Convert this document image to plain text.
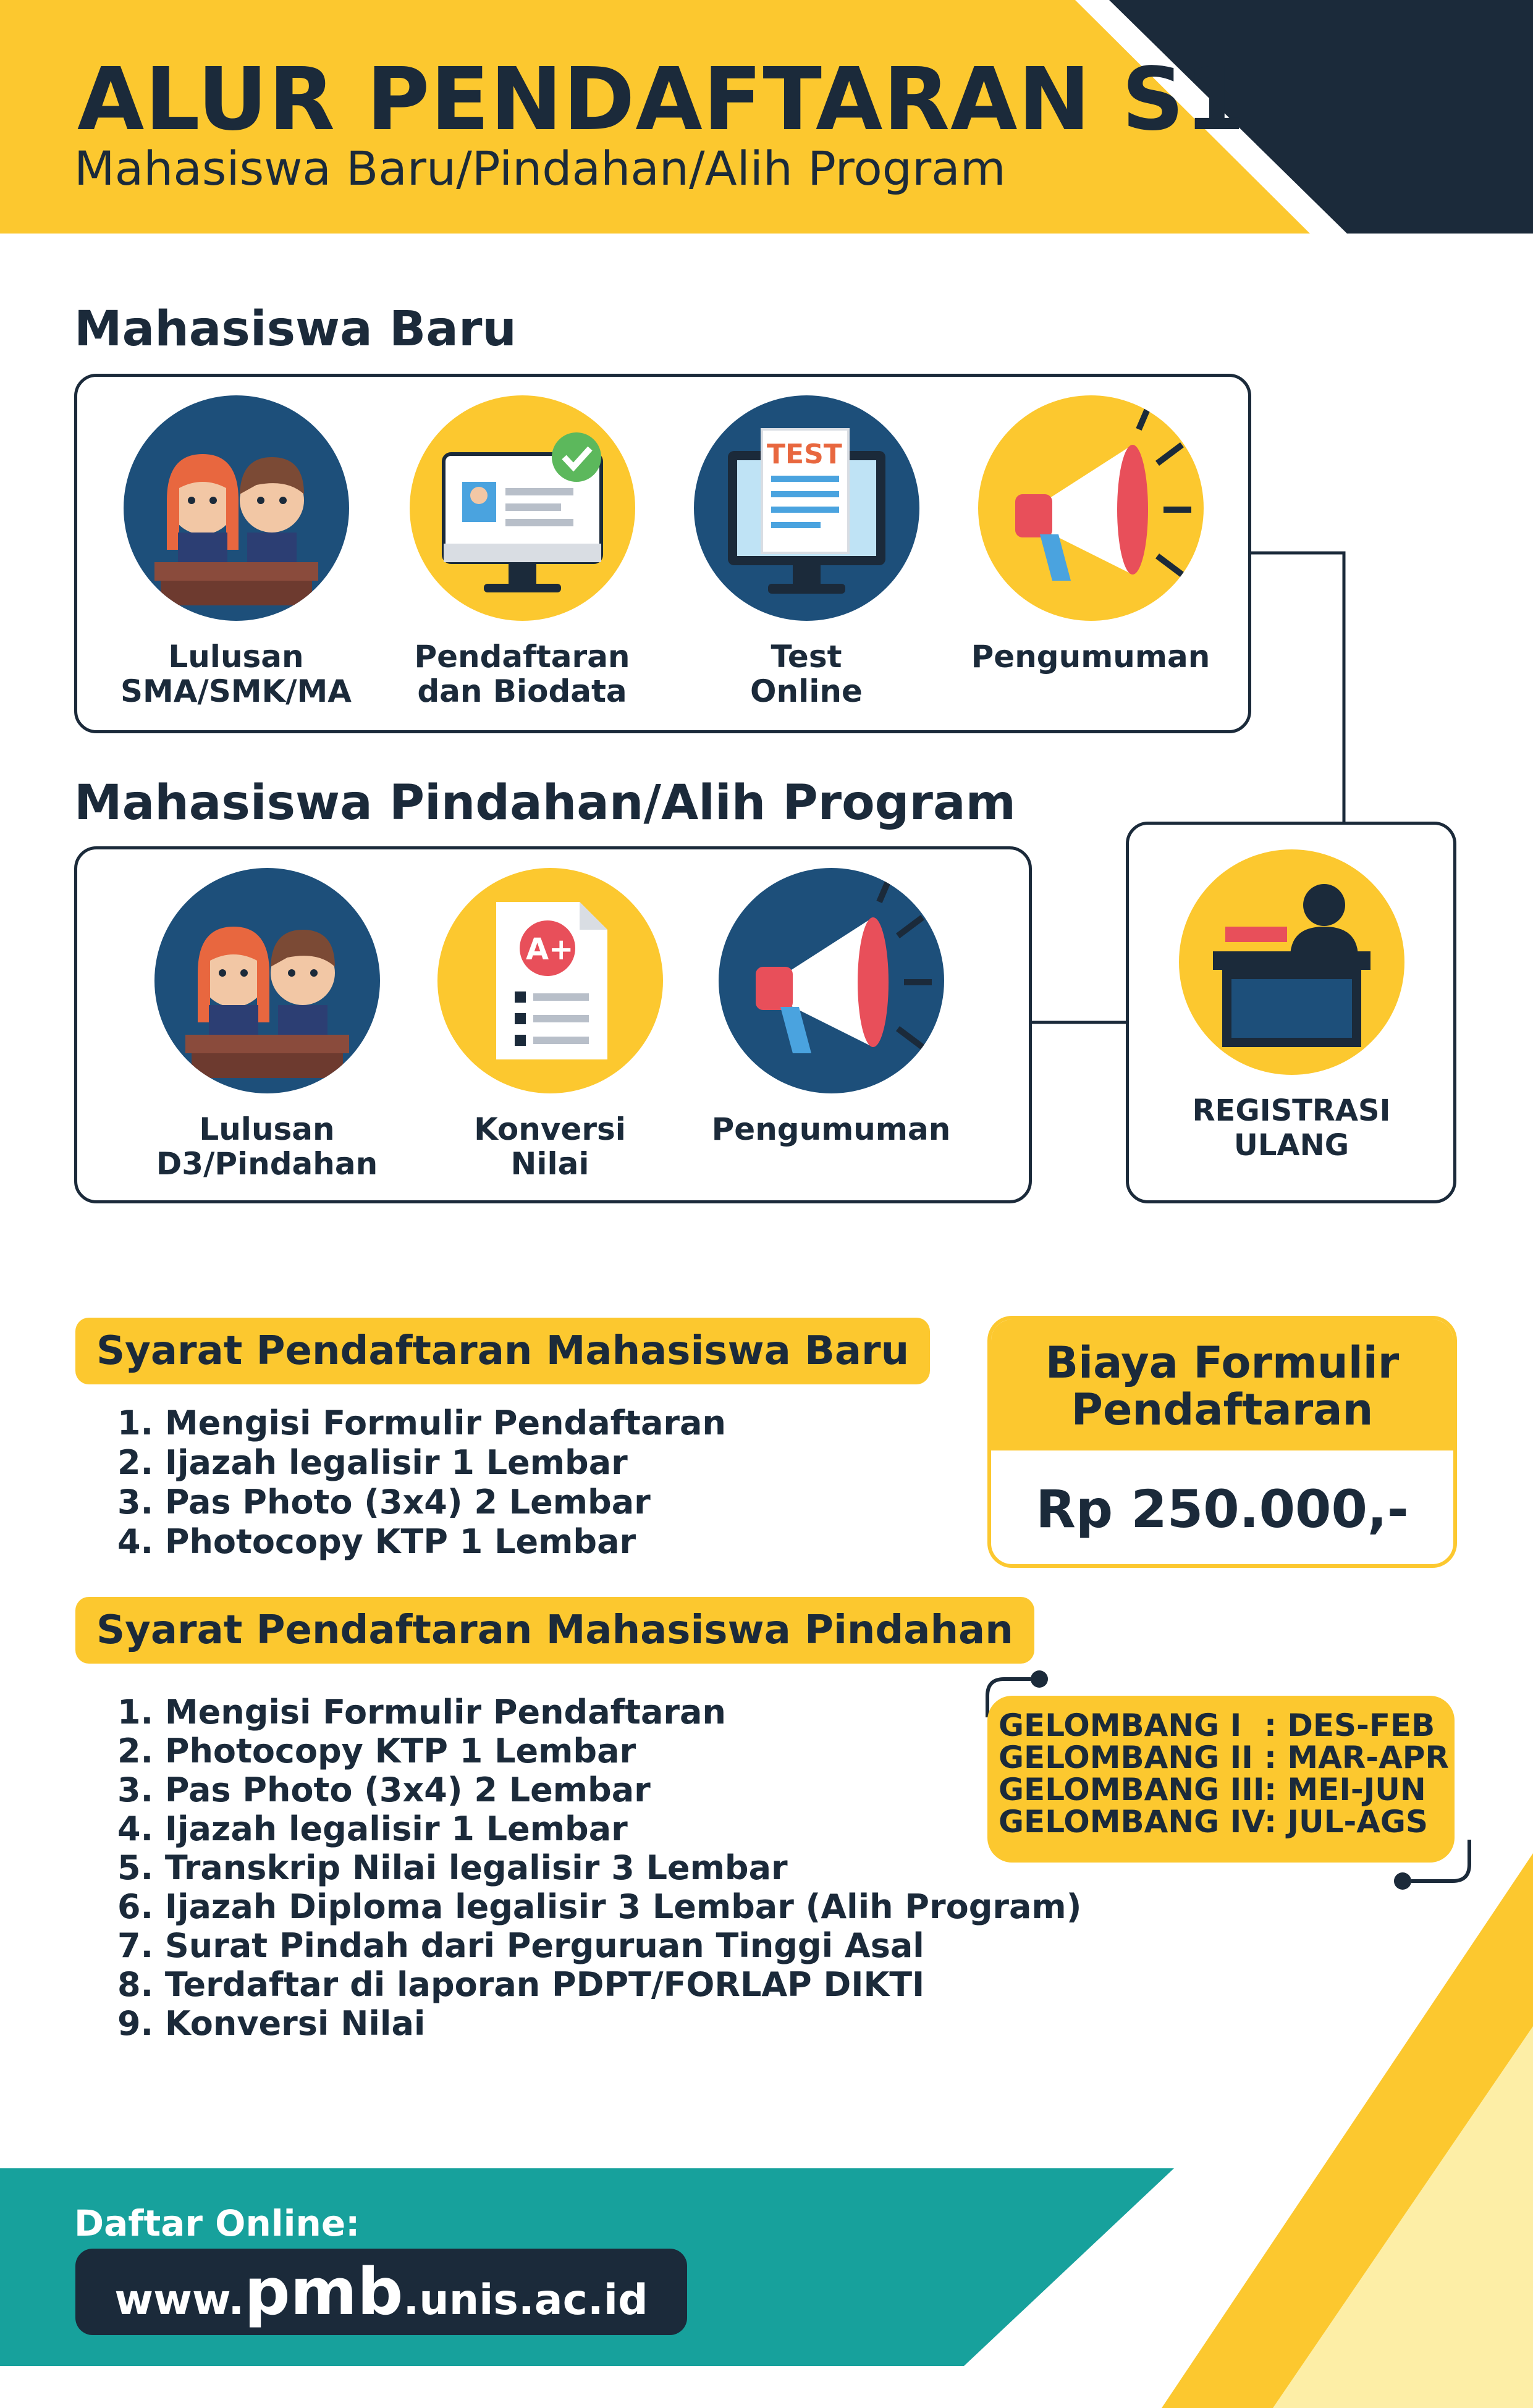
ALUR PENDAFTARAN S1
Mahasiswa Baru/Pindahan/Alih Program
Mahasiswa Baru
Lulusan
SMA/SMK/MA
Pendaftaran
dan Biodata
TEST
Test
Online
Pengumuman
Mahasiswa Pindahan/Alih Program
Lulusan
D3/Pindahan
A+
Konversi
Nilai
Pengumuman
REGISTRASI
ULANG
Syarat Pendaftaran Mahasiswa Baru
1. Mengisi Formulir Pendaftaran
2. Ijazah legalisir 1 Lembar
3. Pas Photo (3x4) 2 Lembar
4. Photocopy KTP 1 Lembar
Biaya Formulir
Pendaftaran
Rp 250.000,-
Syarat Pendaftaran Mahasiswa Pindahan
1. Mengisi Formulir Pendaftaran
2. Photocopy KTP 1 Lembar
3. Pas Photo (3x4) 2 Lembar
4. Ijazah legalisir 1 Lembar
5. Transkrip Nilai legalisir 3 Lembar
6. Ijazah Diploma legalisir 3 Lembar (Alih Program)
7. Surat Pindah dari Perguruan Tinggi Asal
8. Terdaftar di laporan PDPT/FORLAP DIKTI
9. Konversi Nilai
GELOMBANG I : DES-FEB
GELOMBANG II : MAR-APR
GELOMBANG III : MEI-JUN
GELOMBANG IV
: JUL-AGS
Daftar Online:
www.pmb.unis.ac.id
